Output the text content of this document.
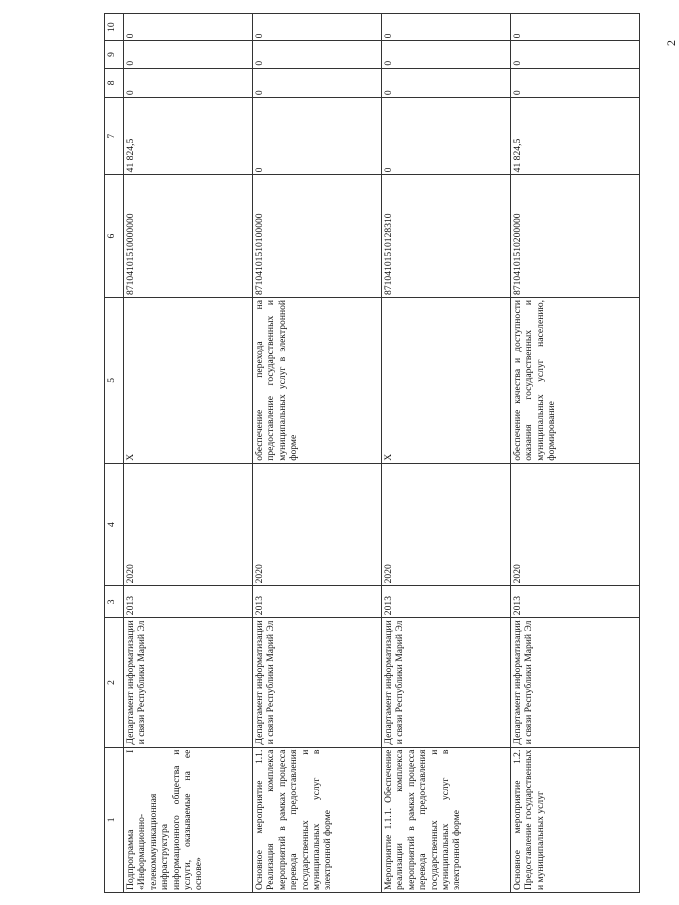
2
1	2	3	4	5	6	7	8	9	10
Подпрограмма I «Информационно-телекоммуникационная инфраструктура информационного общества и услуги, оказываемые на ее основе»	Департамент информатизации и связи Республики Марий Эл	2013	2020	X	87104101510000000	41 824,5	0	0	0
Основное мероприятие 1.1. Реализация комплекса мероприятий в рамках процесса перевода предоставления государственных и муниципальных услуг в электронной форме	Департамент информатизации и связи Республики Марий Эл	2013	2020	обеспечение перехода на предоставление государственных и муниципальных услуг в электронной форме	87104101510100000	0	0	0	0
Мероприятие 1.1.1. Обеспечение реализации комплекса мероприятий в рамках процесса перевода предоставления государственных и муниципальных услуг в электронной форме	Департамент информатизации и связи Республики Марий Эл	2013	2020	X	87104101510128310	0	0	0	0
Основное мероприятие 1.2. Предоставление государственных и муниципальных услуг	Департамент информатизации и связи Республики Марий Эл	2013	2020	обеспечение качества и доступности оказания государственных и муниципальных услуг населению, формирование	87104101510200000	41 824,5	0	0	0
